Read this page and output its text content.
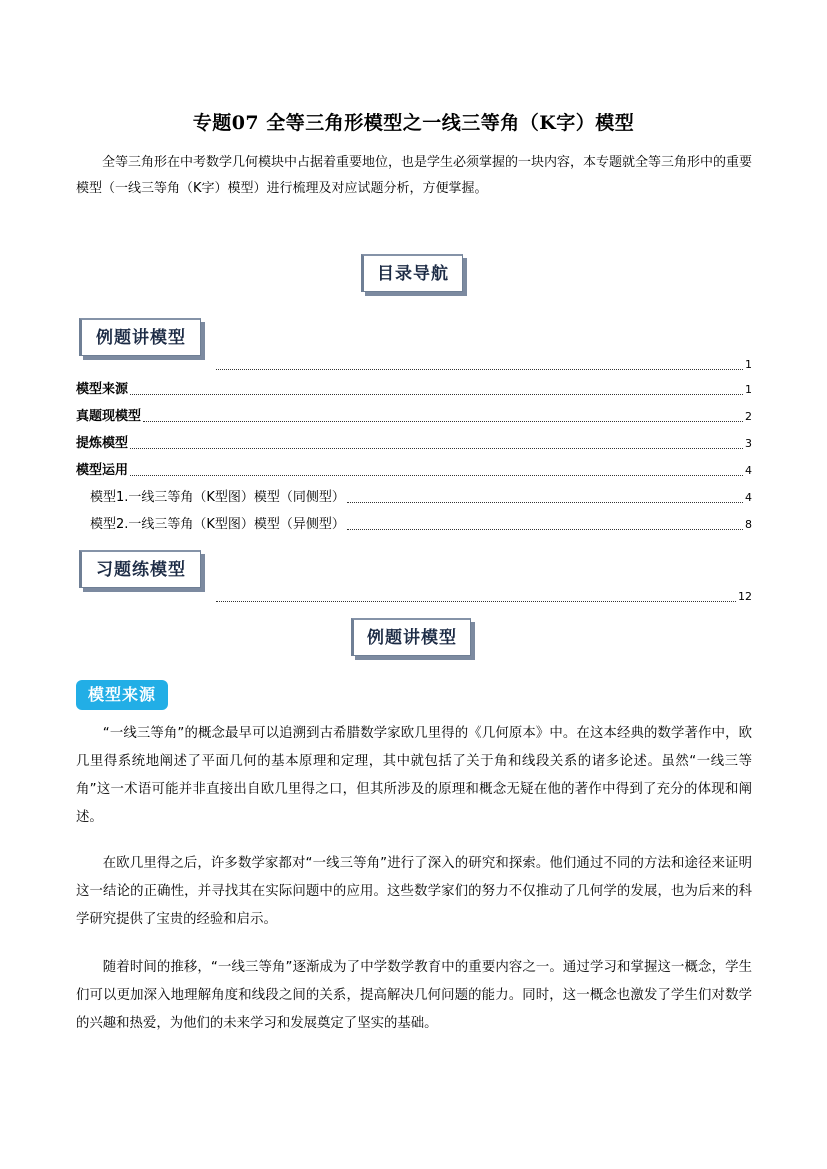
专题07 全等三角形模型之一线三等角（K字）模型

全等三角形在中考数学几何模块中占据着重要地位，也是学生必须掌握的一块内容，本专题就全等三角形中的重要模型（一线三等角（K字）模型）进行梳理及对应试题分析，方便掌握。

目录导航
例题讲模型
1
模型来源	1
真题现模型	2
提炼模型	3
模型运用	4
模型1.一线三等角（K型图）模型（同侧型）	4
模型2.一线三等角（K型图）模型（异侧型）	8
习题练模型
12
例题讲模型
模型来源

“一线三等角”的概念最早可以追溯到古希腊数学家欧几里得的《几何原本》中。在这本经典的数学著作中，欧几里得系统地阐述了平面几何的基本原理和定理，其中就包括了关于角和线段关系的诸多论述。虽然“一线三等角”这一术语可能并非直接出自欧几里得之口，但其所涉及的原理和概念无疑在他的著作中得到了充分的体现和阐述。

在欧几里得之后，许多数学家都对“一线三等角”进行了深入的研究和探索。他们通过不同的方法和途径来证明这一结论的正确性，并寻找其在实际问题中的应用。这些数学家们的努力不仅推动了几何学的发展，也为后来的科学研究提供了宝贵的经验和启示。

随着时间的推移，“一线三等角”逐渐成为了中学数学教育中的重要内容之一。通过学习和掌握这一概念，学生们可以更加深入地理解角度和线段之间的关系，提高解决几何问题的能力。同时，这一概念也激发了学生们对数学的兴趣和热爱，为他们的未来学习和发展奠定了坚实的基础。
